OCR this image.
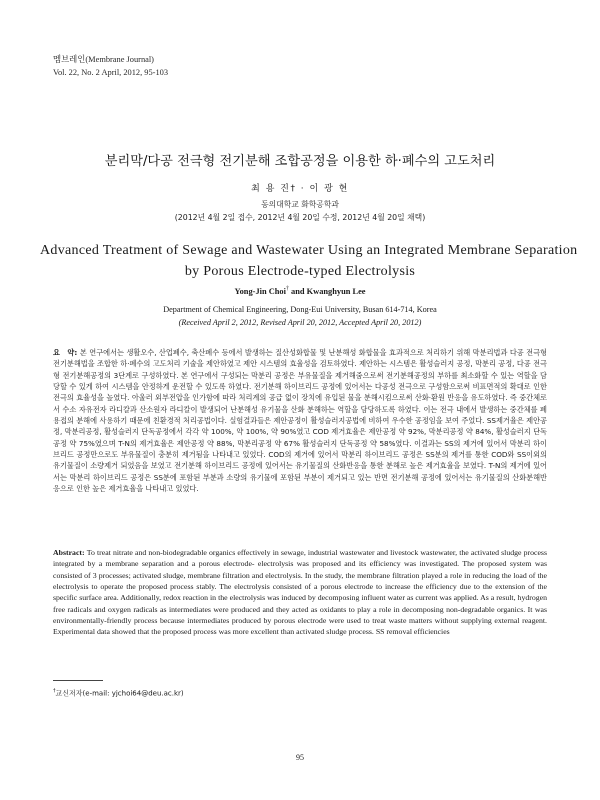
멤브레인(Membrane Journal)
Vol. 22, No. 2 April, 2012, 95-103
분리막/다공 전극형 전기분해 조합공정을 이용한 하·폐수의 고도처리
최 용 진† · 이 광 현
동의대학교 화학공학과
(2012년 4월 2일 접수, 2012년 4월 20일 수정, 2012년 4월 20일 채택)
Advanced Treatment of Sewage and Wastewater Using an Integrated Membrane Separation
by Porous Electrode-typed Electrolysis
Yong-Jin Choi† and Kwanghyun Lee
Department of Chemical Engineering, Dong-Eui University, Busan 614-714, Korea
(Received April 2, 2012, Revised April 20, 2012, Accepted April 20, 2012)
요　약: 본 연구에서는 생활오수, 산업폐수, 축산폐수 등에서 발생하는 질산성화합물 및 난분해성 화합물을 효과적으로 처리하기 위해 막분리법과 다공 전극형 전기분해법을 조합한 하·폐수의 고도처리 기술을 제안하였고 제안 시스템의 효율성을 검토하였다. 제안하는 시스템은 활성슬러지 공정, 막분리 공정, 다공 전극형 전기분해공정의 3단계로 구성하였다. 본 연구에서 구성되는 막분리 공정은 부유물질을 제거해줌으로써 전기분해공정의 부하를 최소화할 수 있는 역할을 담당할 수 있게 하여 시스템을 안정하게 운전할 수 있도록 하였다. 전기분해 하이브리드 공정에 있어서는 다공성 전극으로 구성함으로써 비표면적의 확대로 인한 전극의 효율성을 높였다. 아울러 외부전압을 인가함에 따라 처리계의 공급 없이 장치에 유입된 물을 분해시킴으로써 산화·환원 반응을 유도하였다. 즉 중간체로서 수소 자유전자 라디칼과 산소원자 라디칼이 발생되어 난분해성 유기물을 산화 분해하는 역할을 담당하도록 하였다. 이는 전극 내에서 발생하는 중간체를 폐용접의 분해에 사용하기 때문에 친환경적 처리공법이다. 실험결과들은 제안공정이 활성슬러지공법에 비하여 우수한 공정임을 보여 주었다. SS제거율은 제안공정, 막분리공정, 활성슬러지 단독공정에서 각각 약 100%, 약 100%, 약 90%였고 COD 제거효율은 제안공정 약 92%, 막분리공정 약 84%, 활성슬러지 단독공정 약 75%였으며 T-N의 제거효율은 제안공정 약 88%, 막분리공정 약 67% 활성슬러지 단독공정 약 58%였다. 이결과는 SS의 제거에 있어서 막분리 하이브리드 공정만으로도 부유물질이 충분히 제거됨을 나타내고 있었다. COD의 제거에 있어서 막분리 하이브리드 공정은 SS분의 제거를 통한 COD와 SS이외의 유기물질이 소량제거 되었음을 보였고 전기분해 하이브리드 공정에 있어서는 유기물질의 산화반응을 통한 분해로 높은 제거효율을 보였다. T-N의 제거에 있어서는 막분리 하이브리드 공정은 SS분에 포함된 부분과 소량의 유기물에 포함된 부분이 제거되고 있는 반면 전기분해 공정에 있어서는 유기물질의 산화분해반응으로 인한 높은 제거효율을 나타내고 있었다.
Abstract: To treat nitrate and non-biodegradable organics effectively in sewage, industrial wastewater and livestock wastewater, the activated sludge process integrated by a membrane separation and a porous electrode- electrolysis was proposed and its efficiency was investigated. The proposed system was consisted of 3 processes; activated sludge, membrane filtration and electrolysis. In the study, the membrane filtration played a role in reducing the load of the electrolysis to operate the proposed process stably. The electrolysis consisted of a porous electrode to increase the efficiency due to the extension of the specific surface area. Additionally, redox reaction in the electrolysis was induced by decomposing influent water as current was applied. As a result, hydrogen free radicals and oxygen radicals as intermediates were produced and they acted as oxidants to play a role in decomposing non-degradable organics. It was environmentally-friendly process because intermediates produced by porous electrode were used to treat waste matters without supplying external reagent. Experimental data showed that the proposed process was more excellent than activated sludge process. SS removal efficiencies
†교신저자(e-mail: yjchoi64@deu.ac.kr)
95
